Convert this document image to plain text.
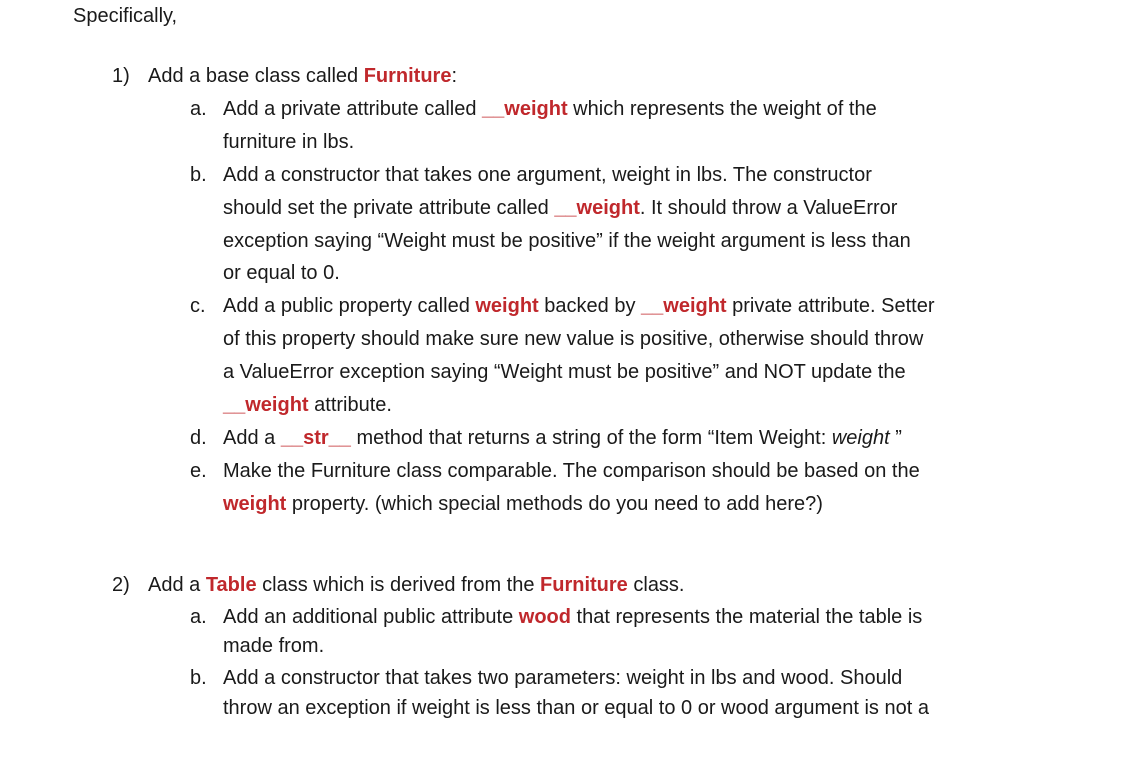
Specifically,
1) Add a base class called Furniture:
a. Add a private attribute called __weight which represents the weight of the
furniture in lbs.
b. Add a constructor that takes one argument, weight in lbs. The constructor
should set the private attribute called __weight. It should throw a ValueError
exception saying “Weight must be positive” if the weight argument is less than
or equal to 0.
c. Add a public property called weight backed by __weight private attribute. Setter
of this property should make sure new value is positive, otherwise should throw
a ValueError exception saying “Weight must be positive” and NOT update the
__weight attribute.
d. Add a __str__ method that returns a string of the form “Item Weight: weight ”
e. Make the Furniture class comparable. The comparison should be based on the
weight property. (which special methods do you need to add here?)
2) Add a Table class which is derived from the Furniture class.
a. Add an additional public attribute wood that represents the material the table is
made from.
b. Add a constructor that takes two parameters: weight in lbs and wood. Should
throw an exception if weight is less than or equal to 0 or wood argument is not a
